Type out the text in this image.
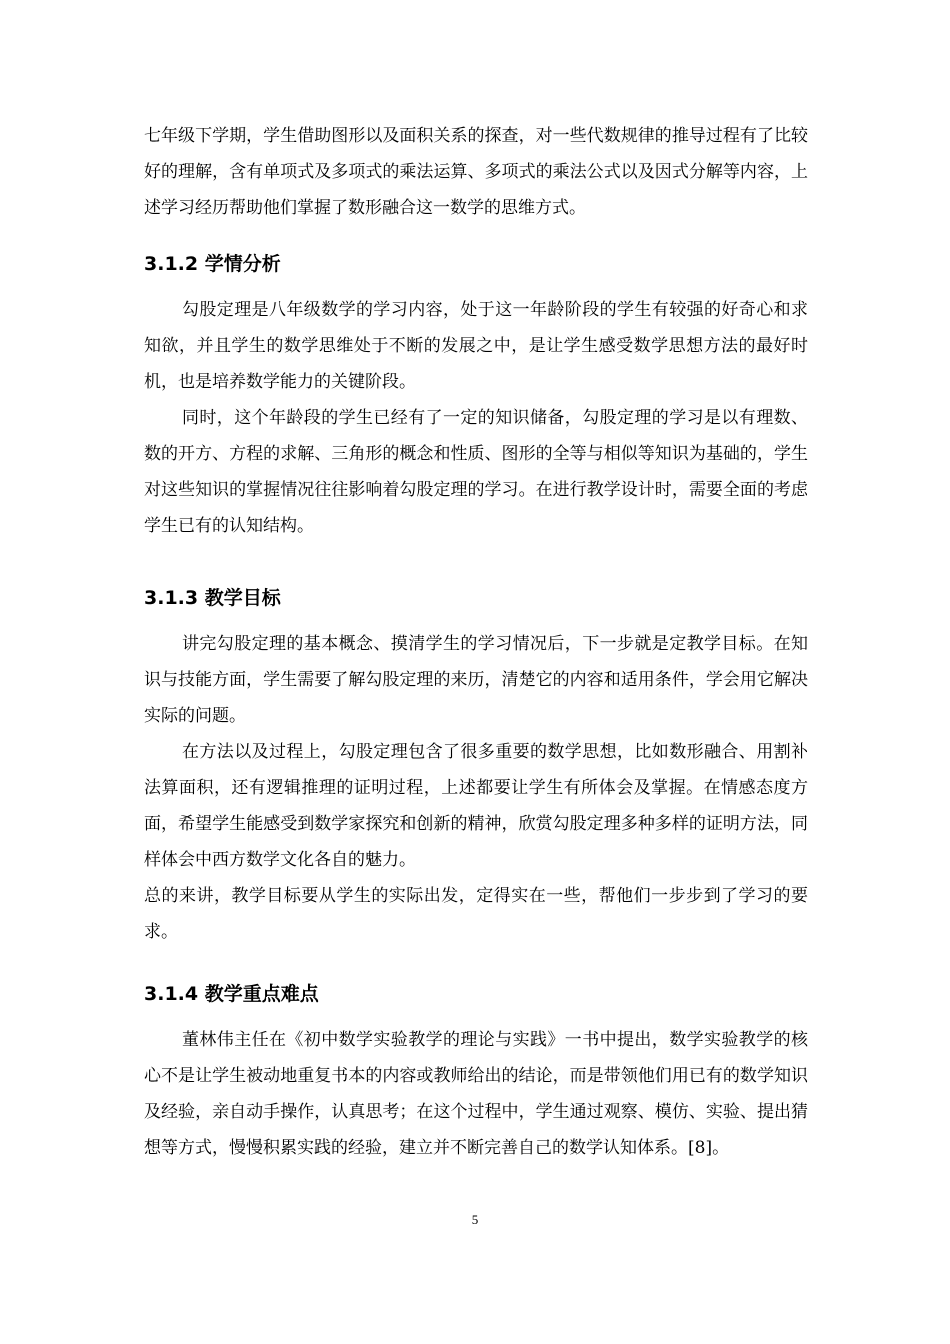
七年级下学期，学生借助图形以及面积关系的探查，对一些代数规律的推导过程有了比较好的理解，含有单项式及多项式的乘法运算、多项式的乘法公式以及因式分解等内容，上述学习经历帮助他们掌握了数形融合这一数学的思维方式。

3.1.2 学情分析

勾股定理是八年级数学的学习内容，处于这一年龄阶段的学生有较强的好奇心和求知欲，并且学生的数学思维处于不断的发展之中，是让学生感受数学思想方法的最好时机，也是培养数学能力的关键阶段。

同时，这个年龄段的学生已经有了一定的知识储备，勾股定理的学习是以有理数、数的开方、方程的求解、三角形的概念和性质、图形的全等与相似等知识为基础的，学生对这些知识的掌握情况往往影响着勾股定理的学习。在进行教学设计时，需要全面的考虑学生已有的认知结构。

3.1.3 教学目标

讲完勾股定理的基本概念、摸清学生的学习情况后，下一步就是定教学目标。在知识与技能方面，学生需要了解勾股定理的来历，清楚它的内容和适用条件，学会用它解决实际的问题。

在方法以及过程上，勾股定理包含了很多重要的数学思想，比如数形融合、用割补法算面积，还有逻辑推理的证明过程，上述都要让学生有所体会及掌握。在情感态度方面，希望学生能感受到数学家探究和创新的精神，欣赏勾股定理多种多样的证明方法，同样体会中西方数学文化各自的魅力。

总的来讲，教学目标要从学生的实际出发，定得实在一些，帮他们一步步到了学习的要求。

3.1.4 教学重点难点

董林伟主任在《初中数学实验教学的理论与实践》一书中提出，数学实验教学的核心不是让学生被动地重复书本的内容或教师给出的结论，而是带领他们用已有的数学知识及经验，亲自动手操作，认真思考；在这个过程中，学生通过观察、模仿、实验、提出猜想等方式，慢慢积累实践的经验，建立并不断完善自己的数学认知体系。[8]。

5
